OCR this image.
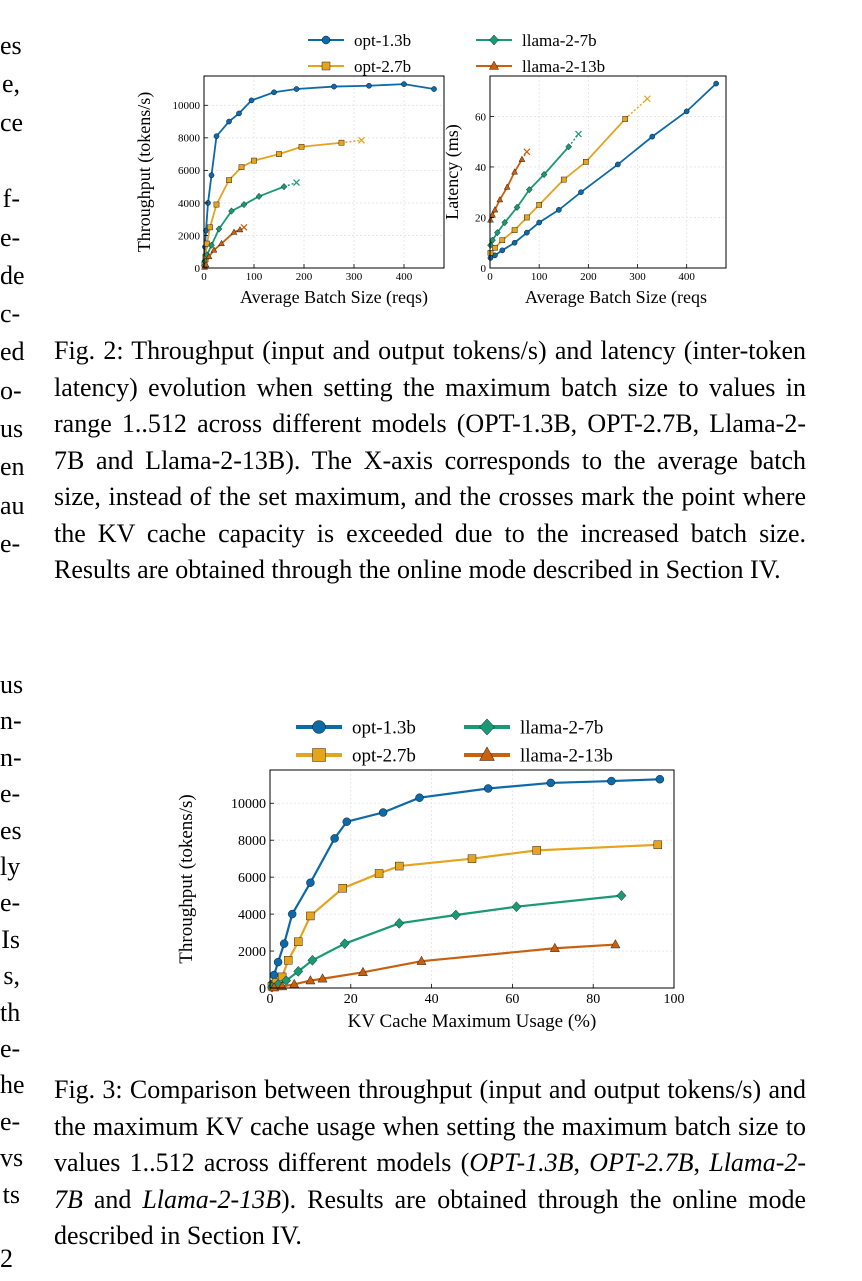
es
e,
ce
f-
e-
de
c-
ed
o-
us
en
au
e-
us
n-
n-
e-
es
ly
e-
Is
s,
th
e-
he
e-
vs
ts
opt-1.3b
opt-2.7b
llama-2-7b
llama-2-13b
0	100	200	300	400
0
2000
4000
6000
8000
10000
Average Batch Size (reqs)
Throughput (tokens/s)
0	100	200	300	400
0
20
40
60
Average Batch Size (reqs
Latency (ms)

Fig. 2: Throughput (input and output tokens/s) and latency (inter-token latency) evolution when setting the maximum batch size to values in range 1..512 across different models (OPT-1.3B, OPT-2.7B, Llama-2-7B and Llama-2-13B). The X-axis corresponds to the average batch size, instead of the set maximum, and the crosses mark the point where the KV cache capacity is exceeded due to the increased batch size. Results are obtained through the online mode described in Section IV.

opt-1.3b
opt-2.7b
llama-2-7b
llama-2-13b
0	20	40	60	80	100
0
2000
4000
6000
8000
10000
KV Cache Maximum Usage (%)
Throughput (tokens/s)

Fig. 3: Comparison between throughput (input and output tokens/s) and the maximum KV cache usage when setting the maximum batch size to values 1..512 across different models (OPT-1.3B, OPT-2.7B, Llama-2-7B and Llama-2-13B). Results are obtained through the online mode described in Section IV.

2
